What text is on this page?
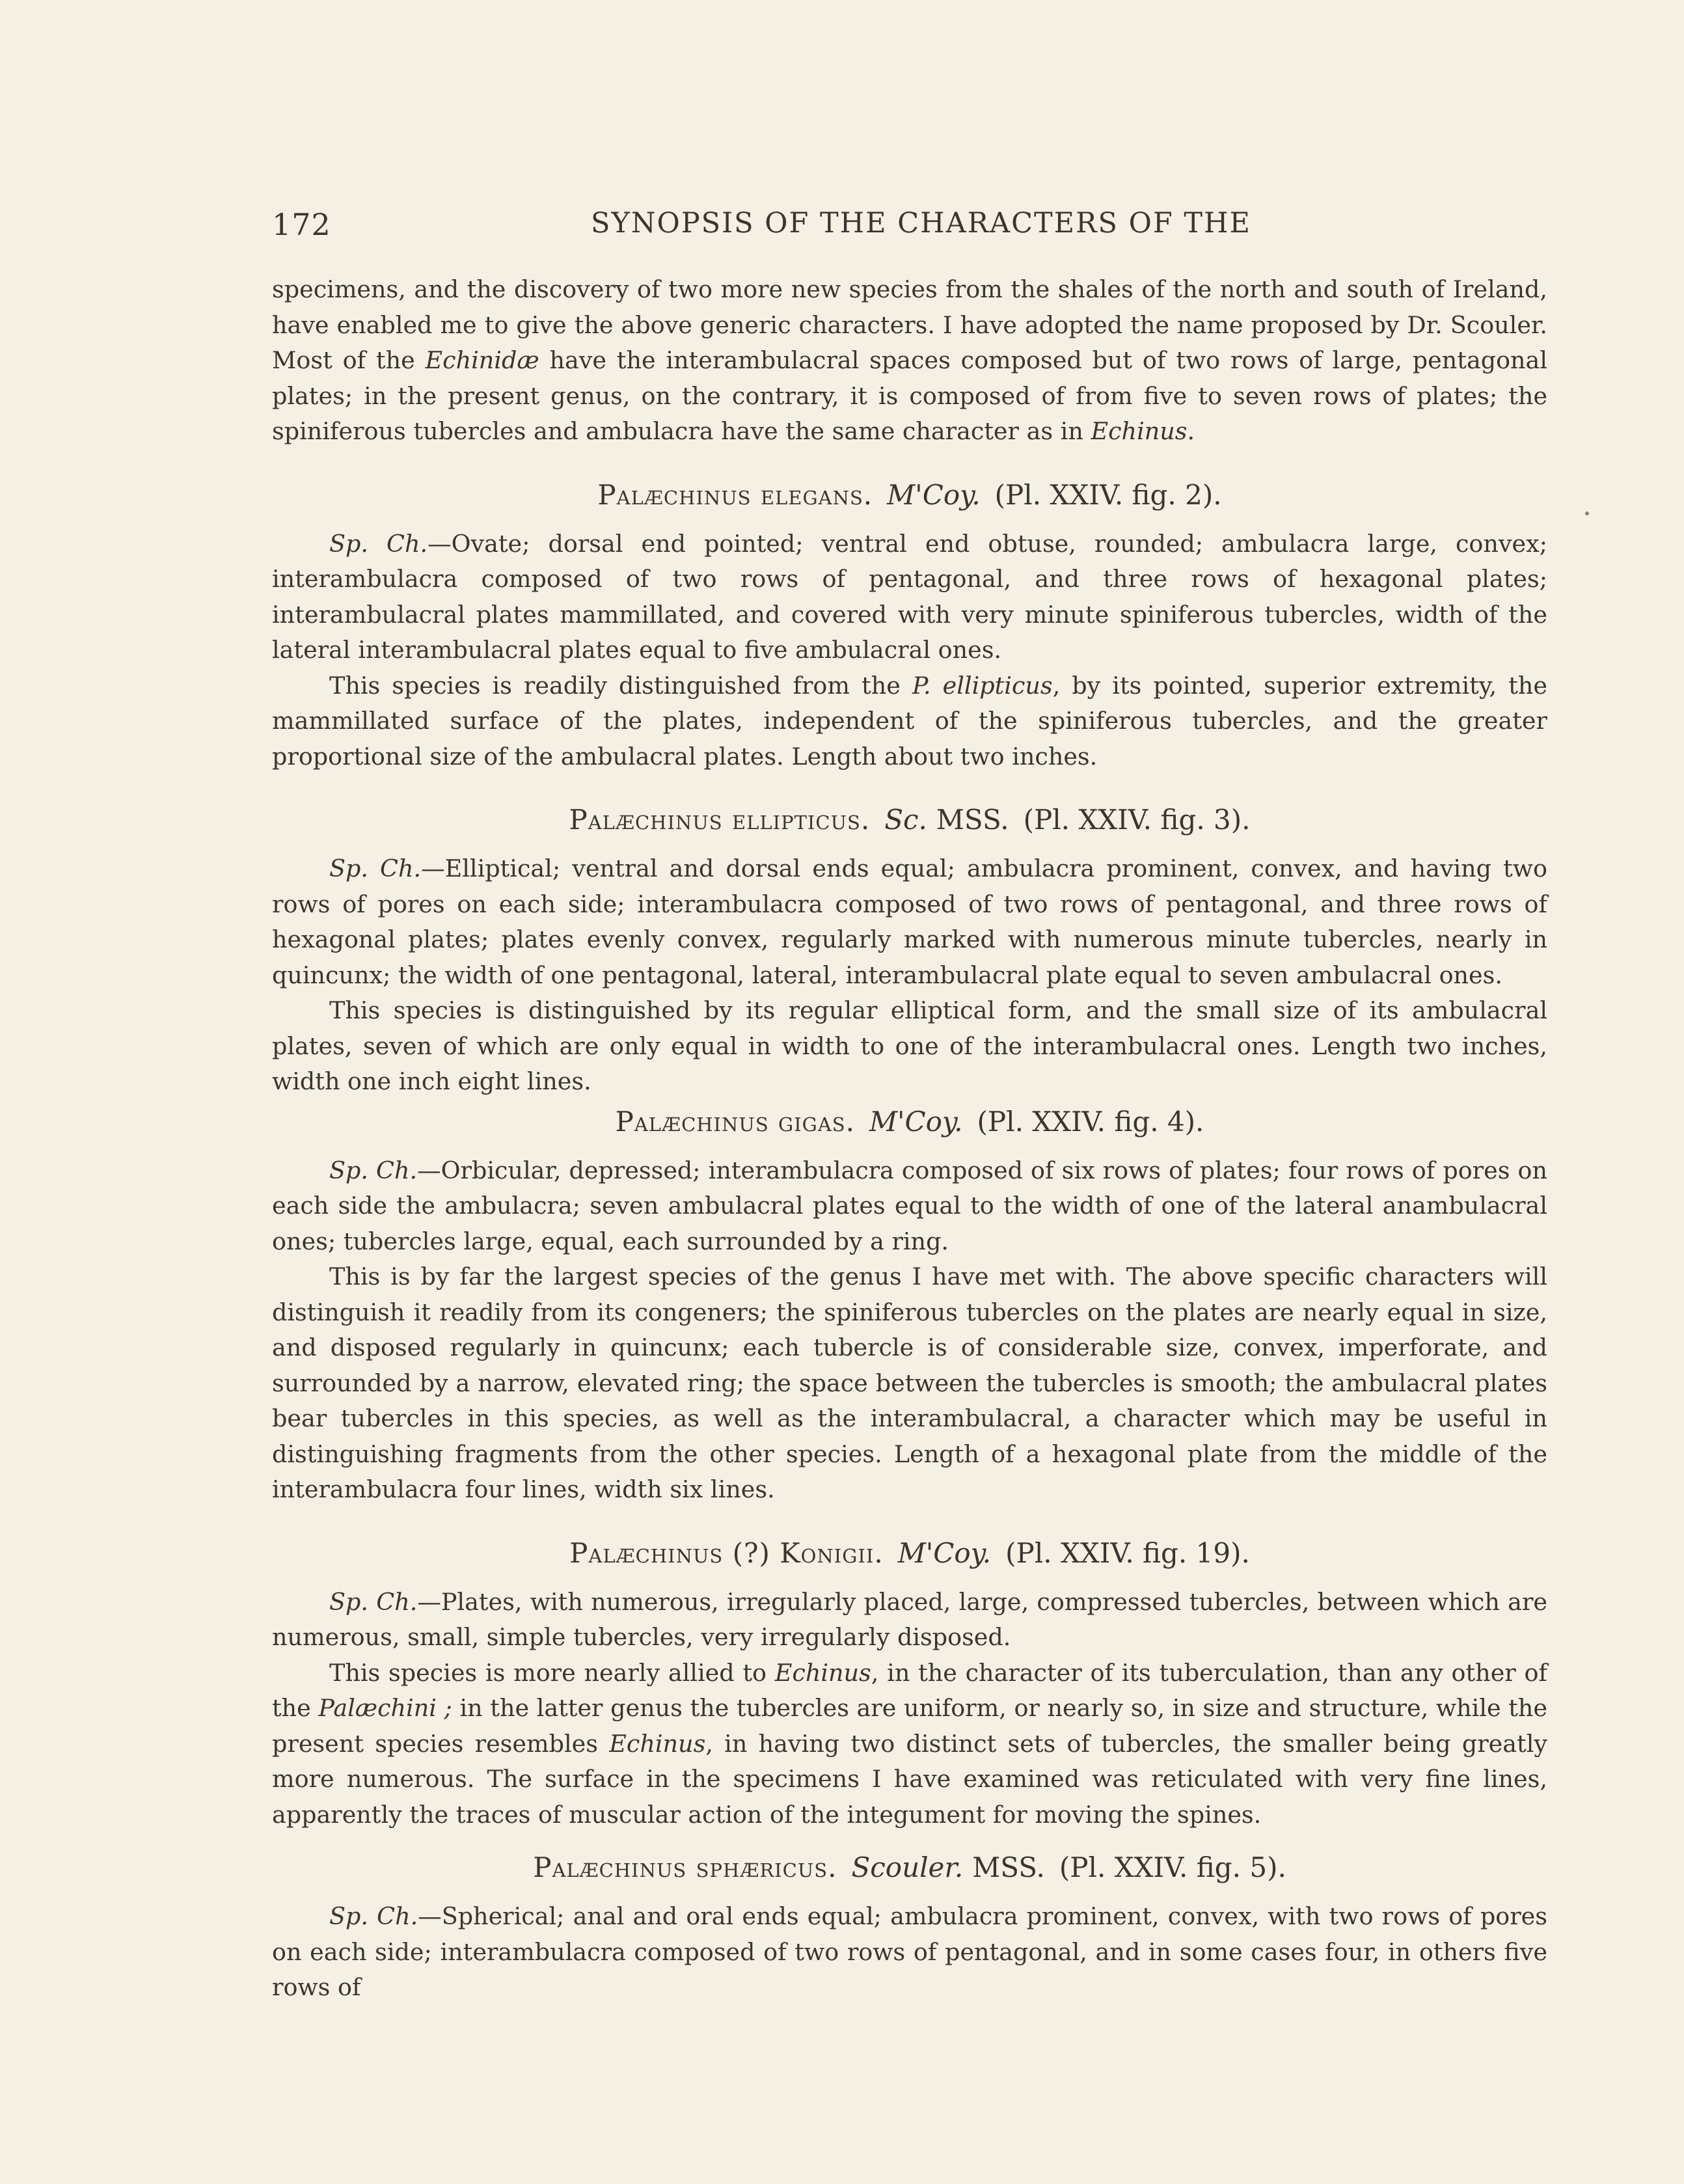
172	SYNOPSIS OF THE CHARACTERS OF THE

specimens, and the discovery of two more new species from the shales of the north and south of Ireland, have enabled me to give the above generic characters. I have adopted the name proposed by Dr. Scouler. Most of the Echinidæ have the interambulacral spaces composed but of two rows of large, pentagonal plates; in the present genus, on the contrary, it is composed of from five to seven rows of plates; the spiniferous tubercles and ambulacra have the same character as in Echinus.

Palæchinus elegans. M'Coy. (Pl. XXIV. fig. 2).

Sp. Ch.—Ovate; dorsal end pointed; ventral end obtuse, rounded; ambulacra large, convex; interambulacra composed of two rows of pentagonal, and three rows of hexagonal plates; interambulacral plates mammillated, and covered with very minute spiniferous tubercles, width of the lateral interambulacral plates equal to five ambulacral ones.

This species is readily distinguished from the P. ellipticus, by its pointed, superior extremity, the mammillated surface of the plates, independent of the spiniferous tubercles, and the greater proportional size of the ambulacral plates. Length about two inches.

Palæchinus ellipticus. Sc. MSS. (Pl. XXIV. fig. 3).

Sp. Ch.—Elliptical; ventral and dorsal ends equal; ambulacra prominent, convex, and having two rows of pores on each side; interambulacra composed of two rows of pentagonal, and three rows of hexagonal plates; plates evenly convex, regularly marked with numerous minute tubercles, nearly in quincunx; the width of one pentagonal, lateral, interambulacral plate equal to seven ambulacral ones.

This species is distinguished by its regular elliptical form, and the small size of its ambulacral plates, seven of which are only equal in width to one of the interambulacral ones. Length two inches, width one inch eight lines.

Palæchinus gigas. M'Coy. (Pl. XXIV. fig. 4).

Sp. Ch.—Orbicular, depressed; interambulacra composed of six rows of plates; four rows of pores on each side the ambulacra; seven ambulacral plates equal to the width of one of the lateral anambulacral ones; tubercles large, equal, each surrounded by a ring.

This is by far the largest species of the genus I have met with. The above specific characters will distinguish it readily from its congeners; the spiniferous tubercles on the plates are nearly equal in size, and disposed regularly in quincunx; each tubercle is of considerable size, convex, imperforate, and surrounded by a narrow, elevated ring; the space between the tubercles is smooth; the ambulacral plates bear tubercles in this species, as well as the interambulacral, a character which may be useful in distinguishing fragments from the other species. Length of a hexagonal plate from the middle of the interambulacra four lines, width six lines.

Palæchinus (?) Konigii. M'Coy. (Pl. XXIV. fig. 19).

Sp. Ch.—Plates, with numerous, irregularly placed, large, compressed tubercles, between which are numerous, small, simple tubercles, very irregularly disposed.

This species is more nearly allied to Echinus, in the character of its tuberculation, than any other of the Palæchini ; in the latter genus the tubercles are uniform, or nearly so, in size and structure, while the present species resembles Echinus, in having two distinct sets of tubercles, the smaller being greatly more numerous. The surface in the specimens I have examined was reticulated with very fine lines, apparently the traces of muscular action of the integument for moving the spines.

Palæchinus sphæricus. Scouler. MSS. (Pl. XXIV. fig. 5).

Sp. Ch.—Spherical; anal and oral ends equal; ambulacra prominent, convex, with two rows of pores on each side; interambulacra composed of two rows of pentagonal, and in some cases four, in others five rows of
